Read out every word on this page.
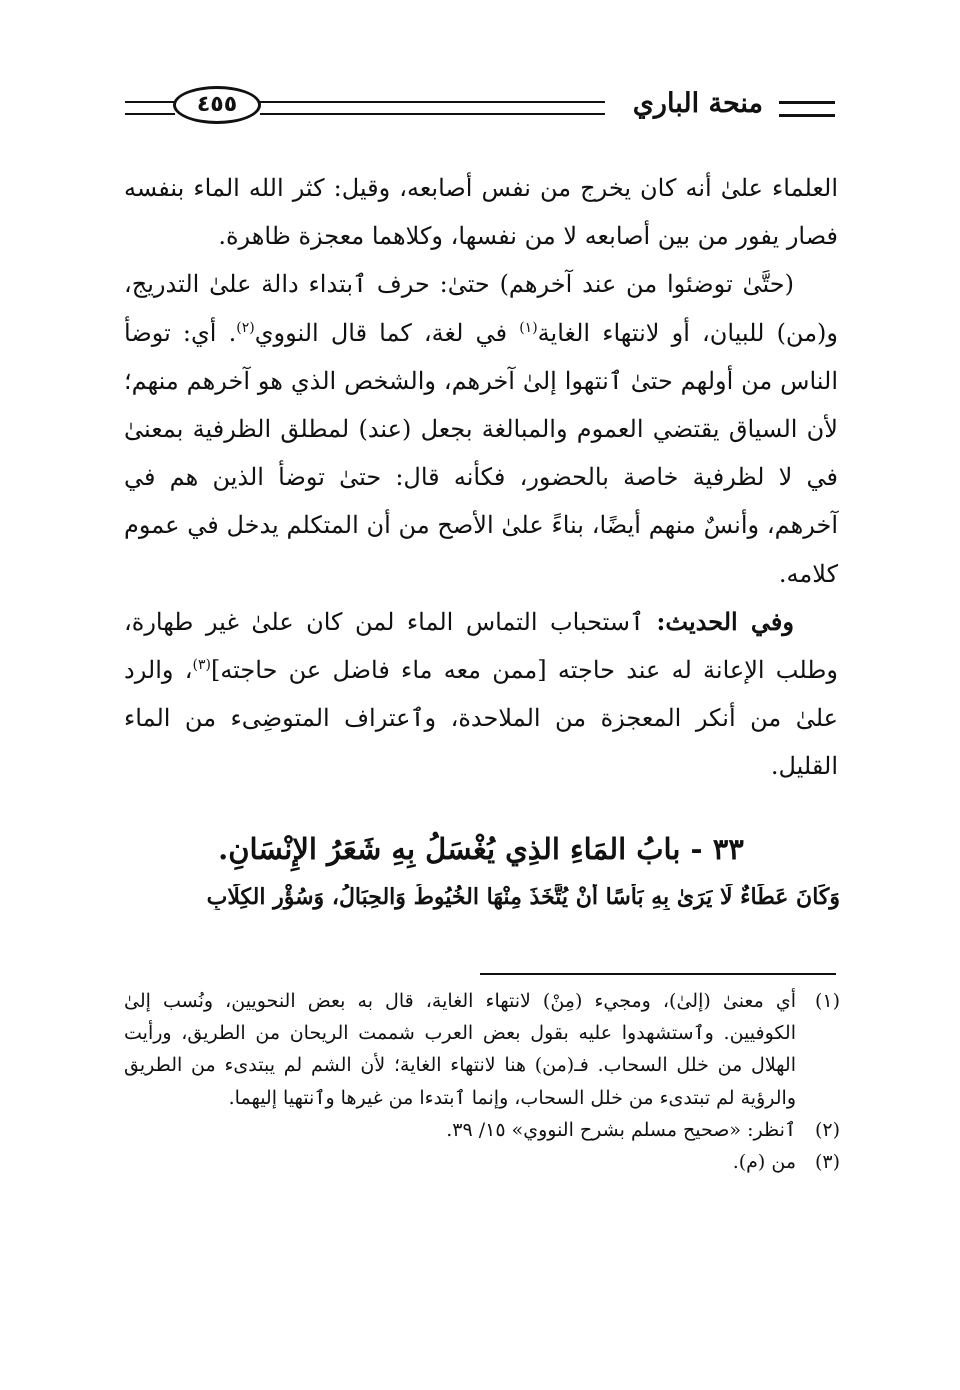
منحة الباري
٤٥٥

العلماء علىٰ أنه كان يخرج من نفس أصابعه، وقيل: كثر الله الماء بنفسه فصار يفور من بين أصابعه لا من نفسها، وكلاهما معجزة ظاهرة.

(حتَّىٰ توضئوا من عند آخرهم) حتىٰ: حرف ٱبتداء دالة علىٰ التدريج، و(من) للبيان، أو لانتهاء الغاية$^{(١)}$ في لغة، كما قال النووي$^{(٢)}$. أي: توضأ الناس من أولهم حتىٰ ٱنتهوا إلىٰ آخرهم، والشخص الذي هو آخرهم منهم؛ لأن السياق يقتضي العموم والمبالغة بجعل (عند) لمطلق الظرفية بمعنىٰ في لا لظرفية خاصة بالحضور، فكأنه قال: حتىٰ توضأ الذين هم في آخرهم، وأنسٌ منهم أيضًا، بناءً علىٰ الأصح من أن المتكلم يدخل في عموم كلامه.

وفي الحديث: ٱستحباب التماس الماء لمن كان علىٰ غير طهارة، وطلب الإعانة له عند حاجته [ممن معه ماء فاضل عن حاجته]$^{(٣)}$، والرد علىٰ من أنكر المعجزة من الملاحدة، وٱعتراف المتوضِىء من الماء القليل.

٣٣ - بابُ المَاءِ الذِي يُغْسَلُ بِهِ شَعَرُ الإِنْسَانِ.
وَكَانَ عَطَاءٌ لَا يَرَىٰ بِهِ بَأْسًا أَنْ يُتَّخَذَ مِنْهَا الخُيُوطُ وَالحِبَالُ، وَسُؤْرِ الكِلَابِ

(١)أي معنىٰ (إلىٰ)، ومجيء (مِنْ) لانتهاء الغاية، قال به بعض النحويين، ونُسب إلىٰ الكوفيين. وٱستشهدوا عليه بقول بعض العرب شممت الريحان من الطريق، ورأيت الهلال من خلل السحاب. فـ(من) هنا لانتهاء الغاية؛ لأن الشم لم يبتدىء من الطريق والرؤية لم تبتدىء من خلل السحاب، وإنما ٱبتدءا من غيرها وٱنتهيا إليهما.

(٢)ٱنظر: «صحيح مسلم بشرح النووي» ١٥/ ٣٩.

(٣)من (م).
